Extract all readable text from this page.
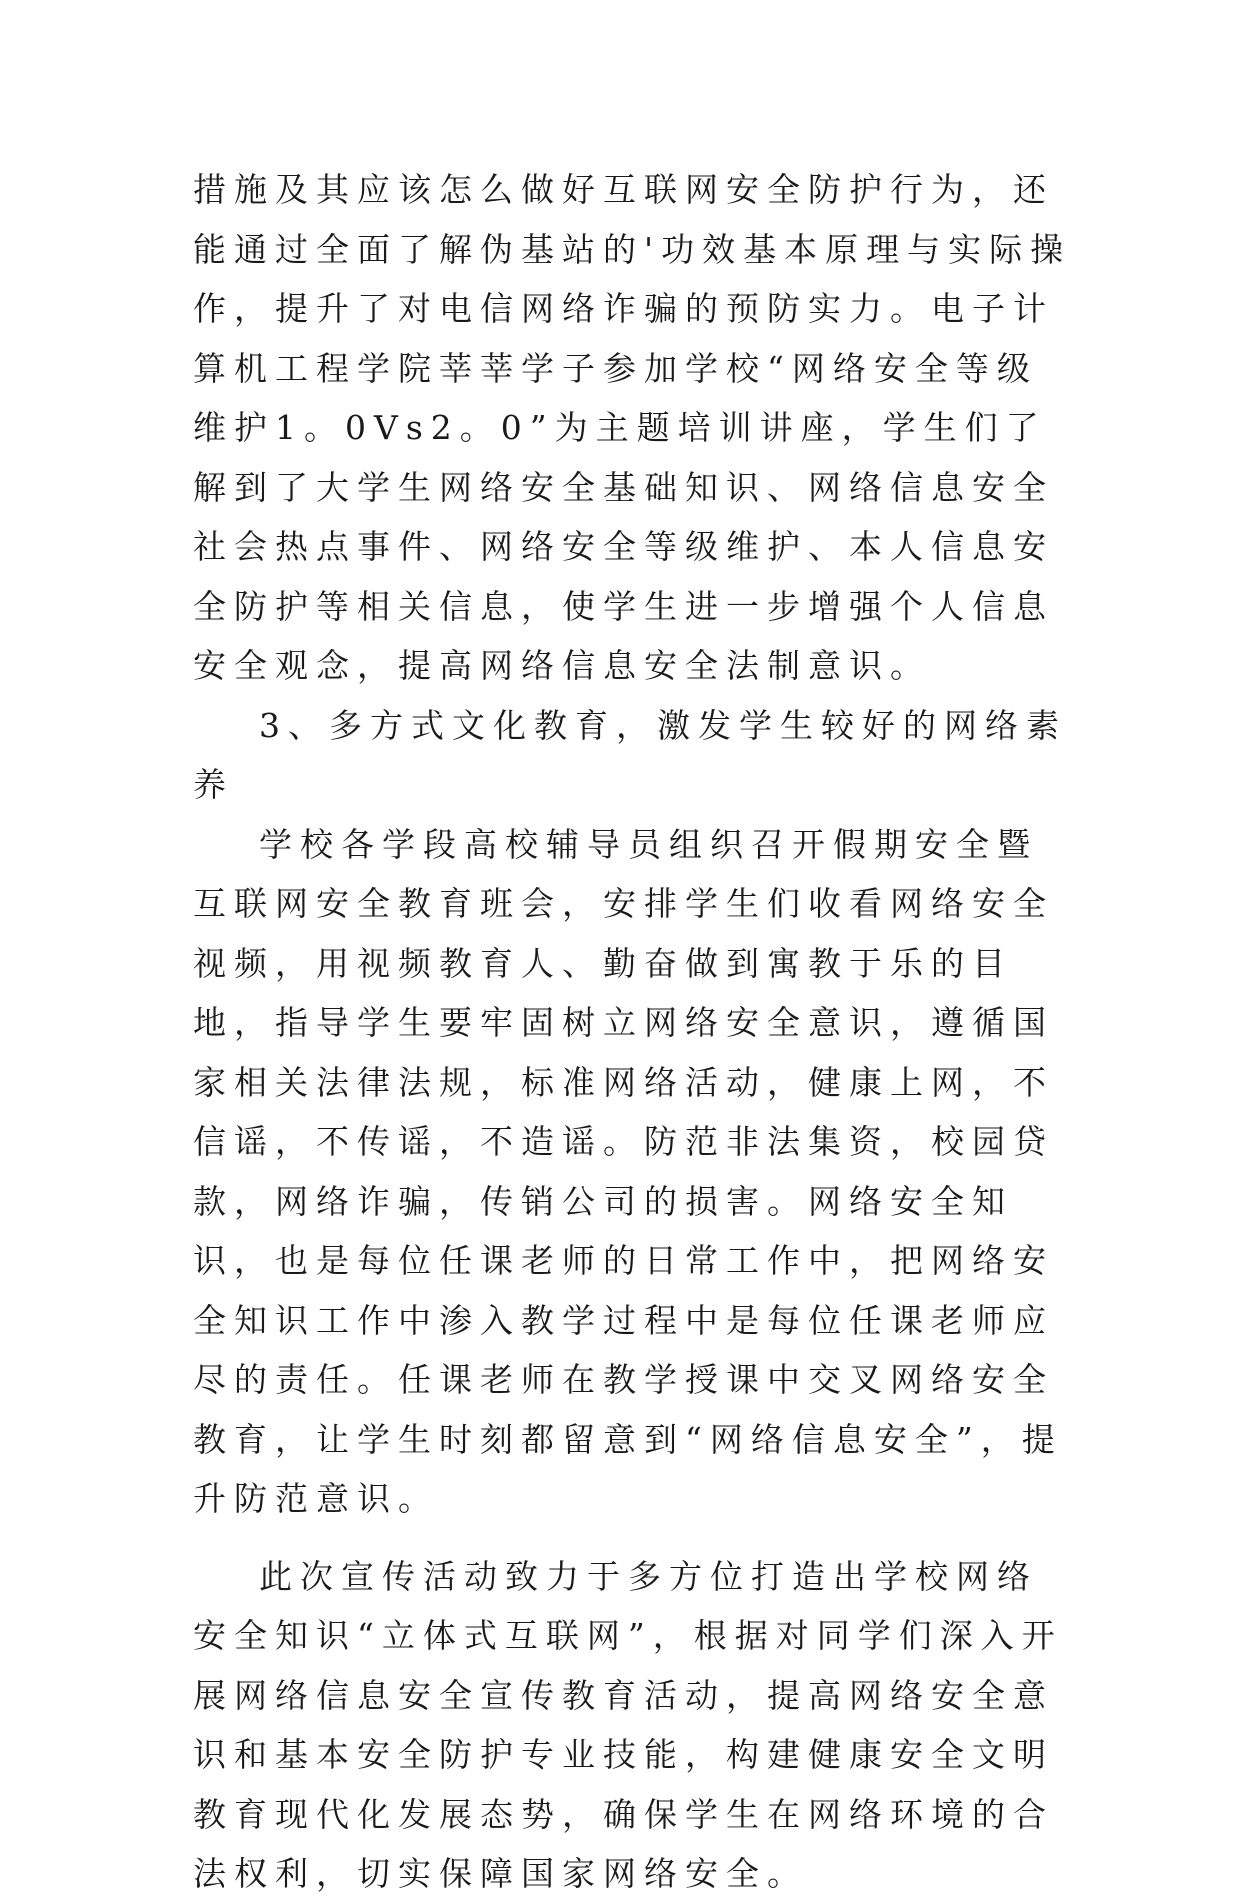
措施及其应该怎么做好互联网安全防护行为，还能通过全面了解伪基站的'功效基本原理与实际操作，提升了对电信网络诈骗的预防实力。电子计算机工程学院莘莘学子参加学校“网络安全等级维护1。0Vs2。0”为主题培训讲座，学生们了解到了大学生网络安全基础知识、网络信息安全社会热点事件、网络安全等级维护、本人信息安全防护等相关信息，使学生进一步增强个人信息安全观念，提高网络信息安全法制意识。

3、多方式文化教育，激发学生较好的网络素养

学校各学段高校辅导员组织召开假期安全暨互联网安全教育班会，安排学生们收看网络安全视频，用视频教育人、勤奋做到寓教于乐的目地，指导学生要牢固树立网络安全意识，遵循国家相关法律法规，标准网络活动，健康上网，不信谣，不传谣，不造谣。防范非法集资，校园贷款，网络诈骗，传销公司的损害。网络安全知识，也是每位任课老师的日常工作中，把网络安全知识工作中渗入教学过程中是每位任课老师应尽的责任。任课老师在教学授课中交叉网络安全教育，让学生时刻都留意到“网络信息安全”，提升防范意识。

此次宣传活动致力于多方位打造出学校网络安全知识“立体式互联网”，根据对同学们深入开展网络信息安全宣传教育活动，提高网络安全意识和基本安全防护专业技能，构建健康安全文明教育现代化发展态势，确保学生在网络环境的合法权利，切实保障国家网络安全。
